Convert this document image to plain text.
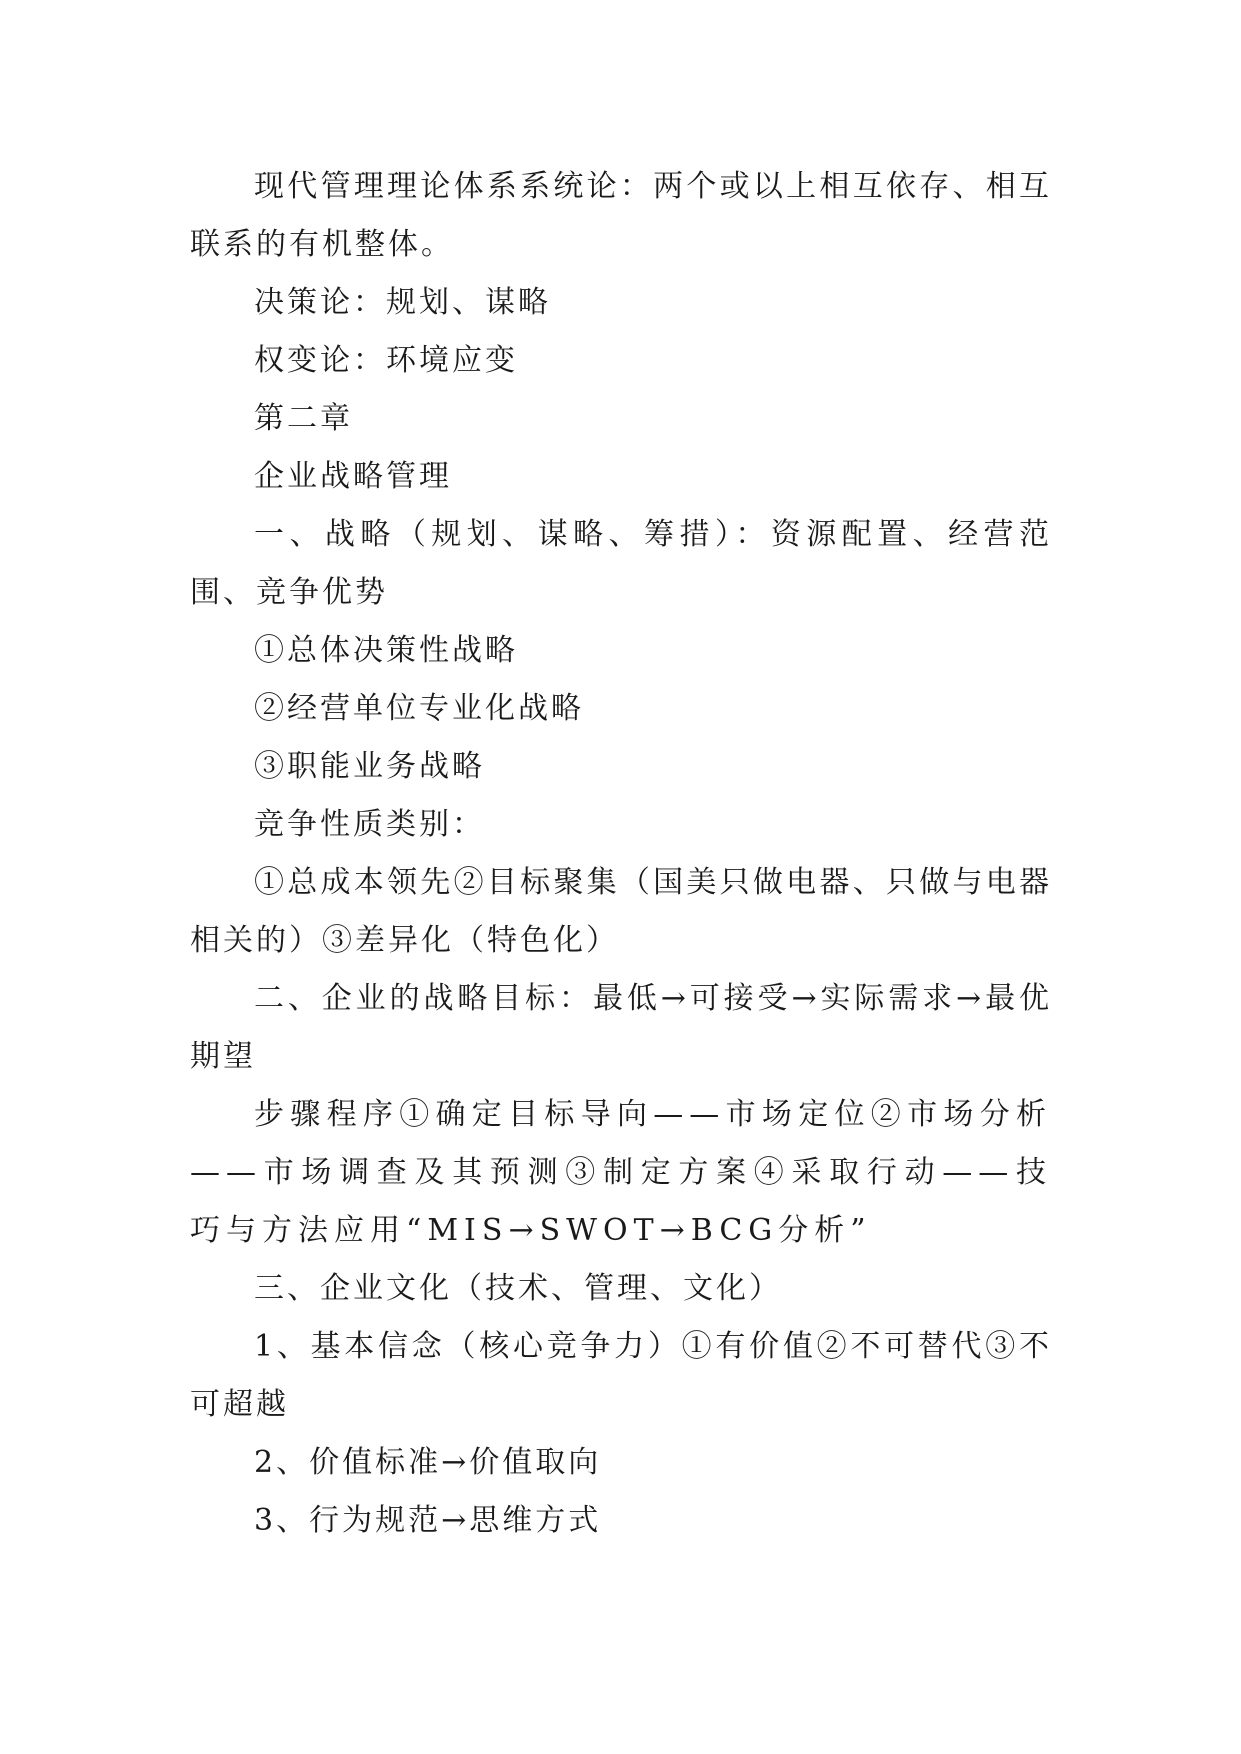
现代管理理论体系系统论：两个或以上相互依存、相互联系的有机整体。

决策论：规划、谋略

权变论：环境应变

第二章

企业战略管理

一、战略（规划、谋略、筹措）：资源配置、经营范围、竞争优势

①总体决策性战略

②经营单位专业化战略

③职能业务战略

竞争性质类别：

①总成本领先②目标聚集（国美只做电器、只做与电器相关的）③差异化（特色化）

二、企业的战略目标：最低→可接受→实际需求→最优期望

步骤程序①确定目标导向——市场定位②市场分析——市场调查及其预测③制定方案④采取行动——技巧与方法应用“MIS→SWOT→BCG分析”

三、企业文化（技术、管理、文化）

1、基本信念（核心竞争力）①有价值②不可替代③不可超越

2、价值标准→价值取向

3、行为规范→思维方式
